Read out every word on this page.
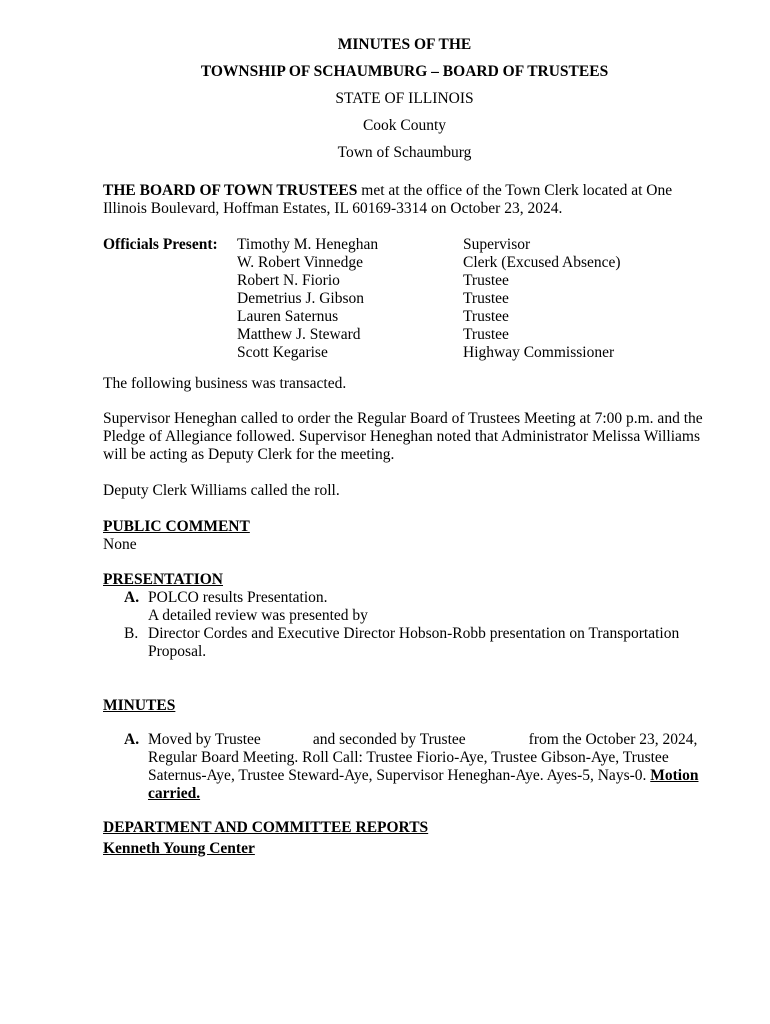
MINUTES OF THE
TOWNSHIP OF SCHAUMBURG – BOARD OF TRUSTEES
STATE OF ILLINOIS
Cook County
Town of Schaumburg
THE BOARD OF TOWN TRUSTEES met at the office of the Town Clerk located at One Illinois Boulevard, Hoffman Estates, IL 60169-3314 on October 23, 2024.
Officials Present:	Timothy M. Heneghan	Supervisor
W. Robert Vinnedge	Clerk (Excused Absence)
Robert N. Fiorio	Trustee
Demetrius J. Gibson	Trustee
Lauren Saternus	Trustee
Matthew J. Steward	Trustee
Scott Kegarise	Highway Commissioner
The following business was transacted.
Supervisor Heneghan called to order the Regular Board of Trustees Meeting at 7:00 p.m. and the Pledge of Allegiance followed. Supervisor Heneghan noted that Administrator Melissa Williams will be acting as Deputy Clerk for the meeting.
Deputy Clerk Williams called the roll.
PUBLIC COMMENT
None
PRESENTATION
A. POLCO results Presentation.
A detailed review was presented by
B. Director Cordes and Executive Director Hobson-Robb presentation on Transportation Proposal.
MINUTES
A. Moved by Trustee	and seconded by Trustee	from the October 23, 2024, Regular Board Meeting. Roll Call: Trustee Fiorio-Aye, Trustee Gibson-Aye, Trustee Saternus-Aye, Trustee Steward-Aye, Supervisor Heneghan-Aye. Ayes-5, Nays-0. Motion carried.
DEPARTMENT AND COMMITTEE REPORTS
Kenneth Young Center
